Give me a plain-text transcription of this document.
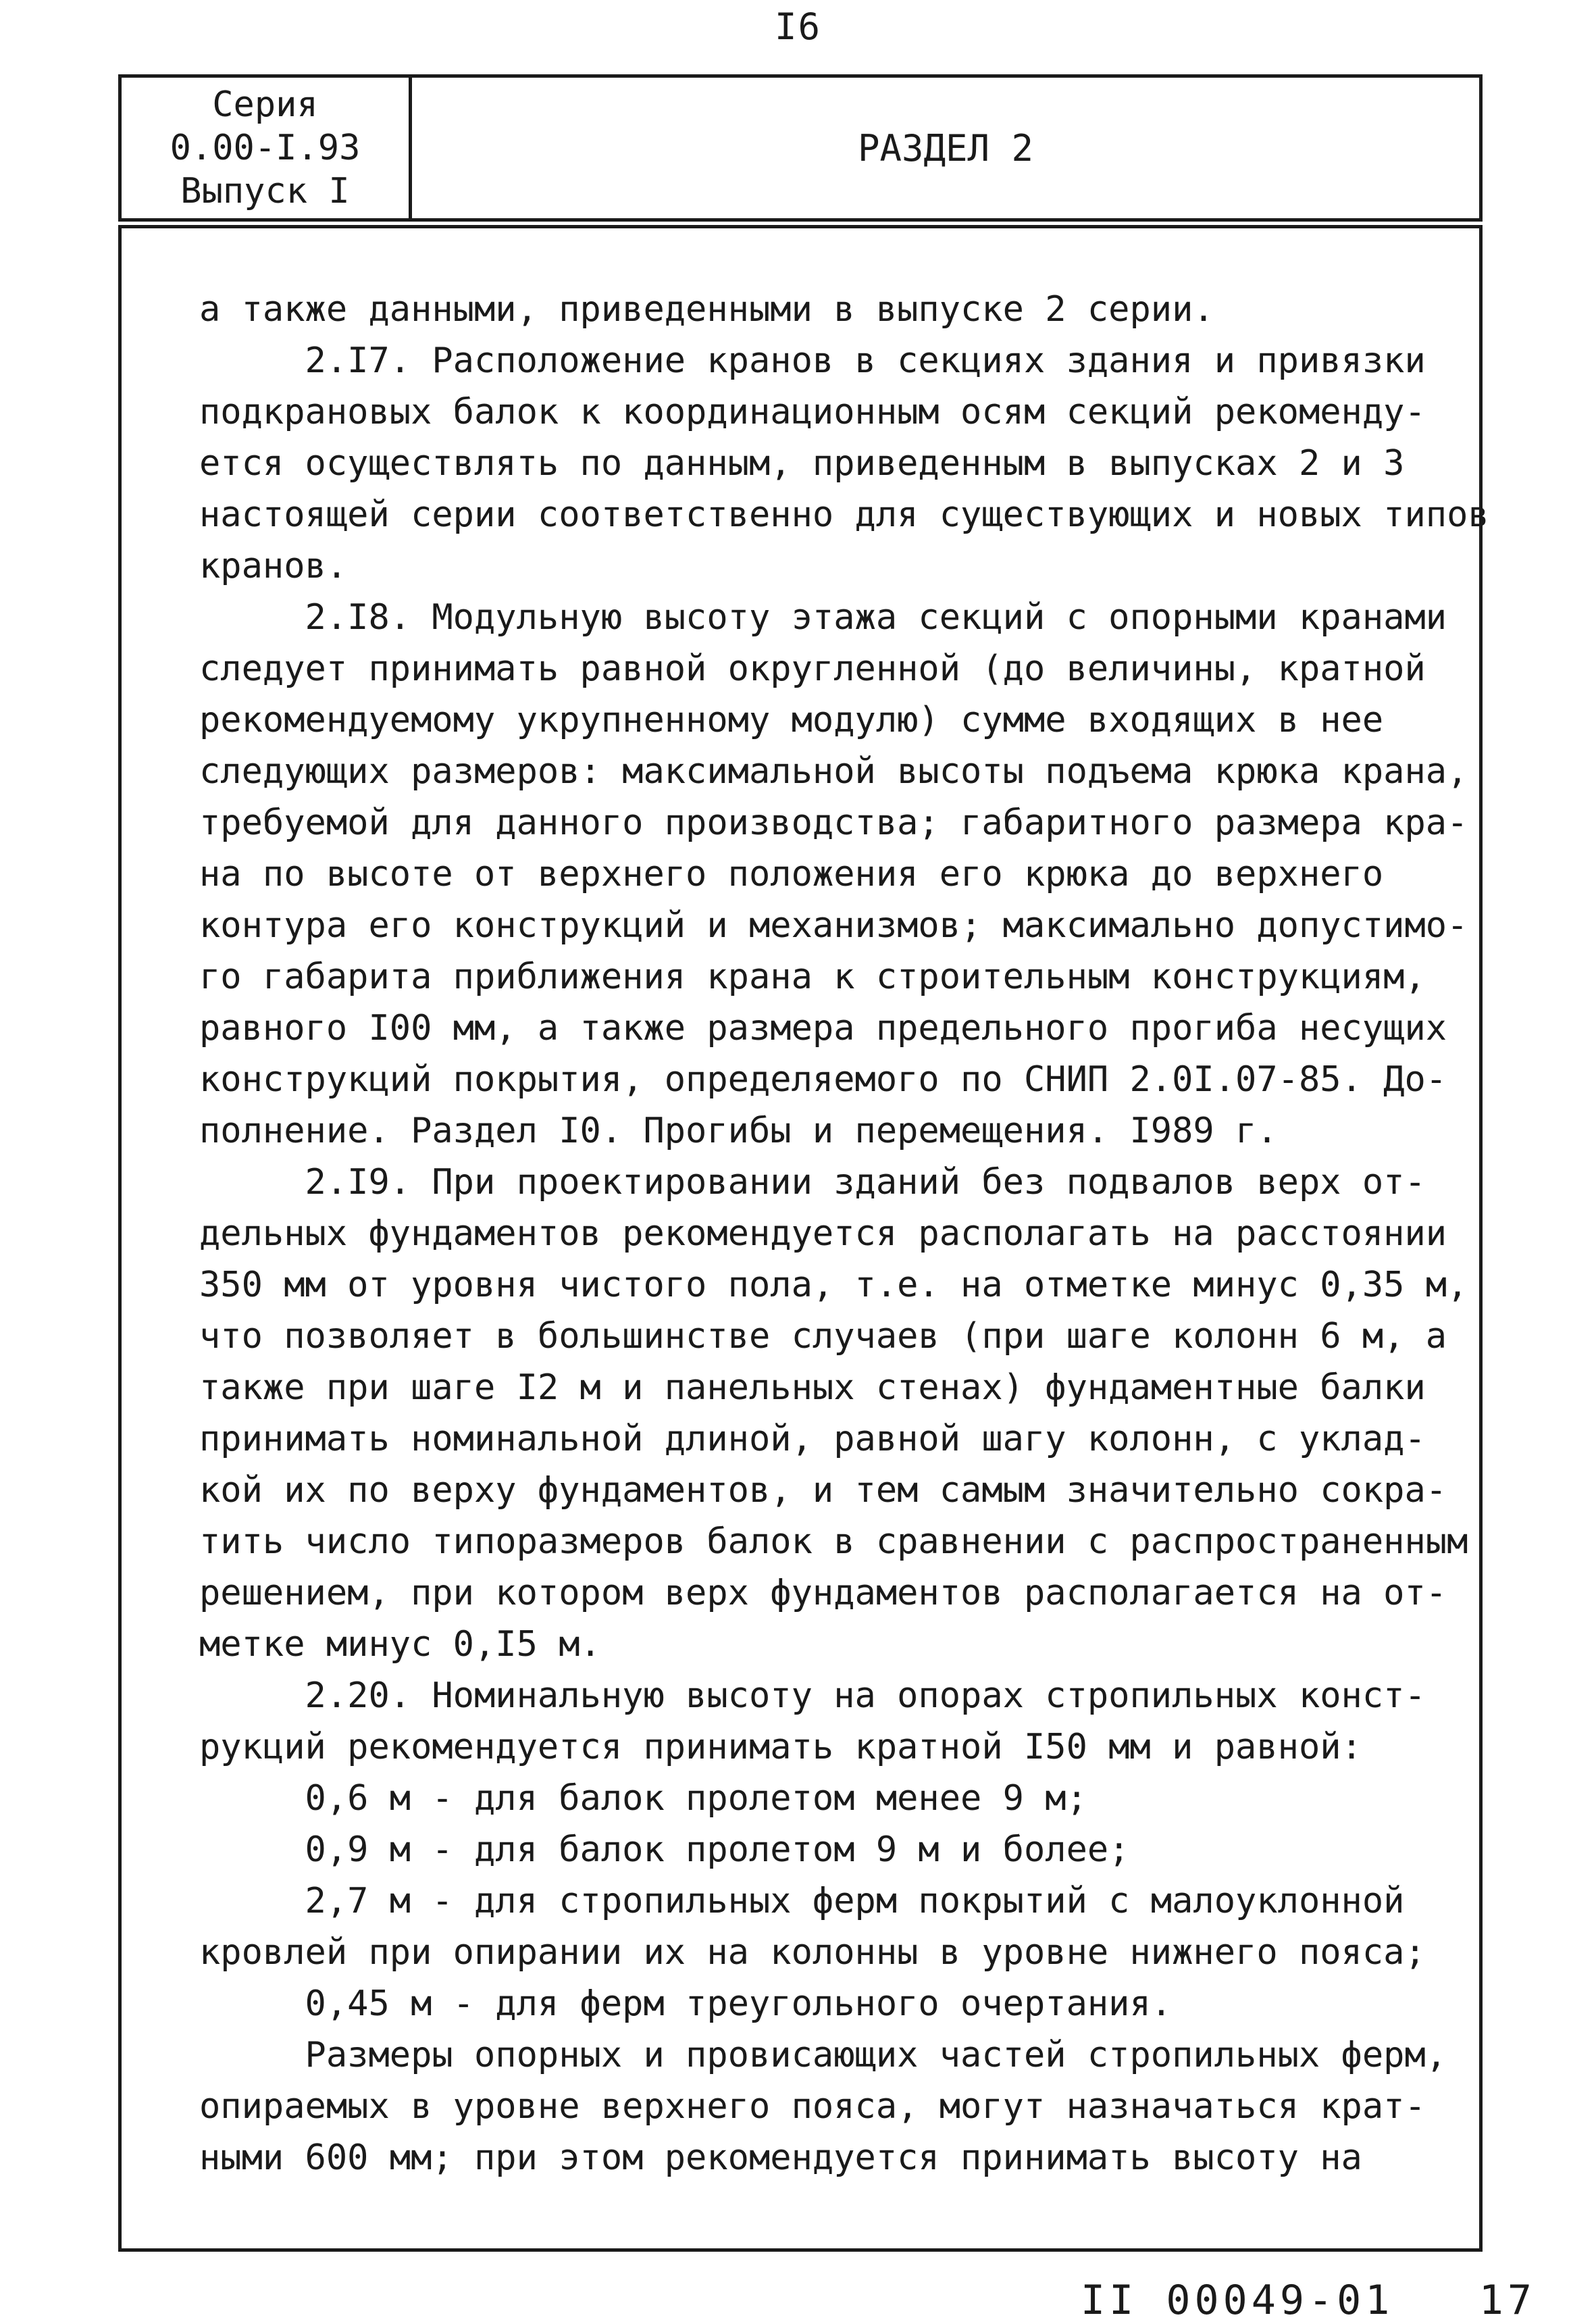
I6
Серия
0.00-I.93
Выпуск I
РАЗДЕЛ 2
а также данными, приведенными в выпуске 2 серии.
2.I7. Расположение кранов в секциях здания и привязки
подкрановых балок к координационным осям секций рекоменду-
ется осуществлять по данным, приведенным в выпусках 2 и 3
настоящей серии соответственно для существующих и новых типов
кранов.
2.I8. Модульную высоту этажа секций с опорными кранами
следует принимать равной округленной (до величины, кратной
рекомендуемому укрупненному модулю) сумме входящих в нее
следующих размеров: максимальной высоты подъема крюка крана,
требуемой для данного производства; габаритного размера кра-
на по высоте от верхнего положения его крюка до верхнего
контура его конструкций и механизмов; максимально допустимо-
го габарита приближения крана к строительным конструкциям,
равного I00 мм, а также размера предельного прогиба несущих
конструкций покрытия, определяемого по СНИП 2.0I.07-85. До-
полнение. Раздел I0. Прогибы и перемещения. I989 г.
2.I9. При проектировании зданий без подвалов верх от-
дельных фундаментов рекомендуется располагать на расстоянии
350 мм от уровня чистого пола, т.е. на отметке минус 0,35 м,
что позволяет в большинстве случаев (при шаге колонн 6 м, а
также при шаге I2 м и панельных стенах) фундаментные балки
принимать номинальной длиной, равной шагу колонн, с уклад-
кой их по верху фундаментов, и тем самым значительно сокра-
тить число типоразмеров балок в сравнении с распространенным
решением, при котором верх фундаментов располагается на от-
метке минус 0,I5 м.
2.20. Номинальную высоту на опорах стропильных конст-
рукций рекомендуется принимать кратной I50 мм и равной:
0,6 м - для балок пролетом менее 9 м;
0,9 м - для балок пролетом 9 м и более;
2,7 м - для стропильных ферм покрытий с малоуклонной
кровлей при опирании их на колонны в уровне нижнего пояса;
0,45 м - для ферм треугольного очертания.
Размеры опорных и провисающих частей стропильных ферм,
опираемых в уровне верхнего пояса, могут назначаться крат-
ными 600 мм; при этом рекомендуется принимать высоту на
II 00049-01   17
